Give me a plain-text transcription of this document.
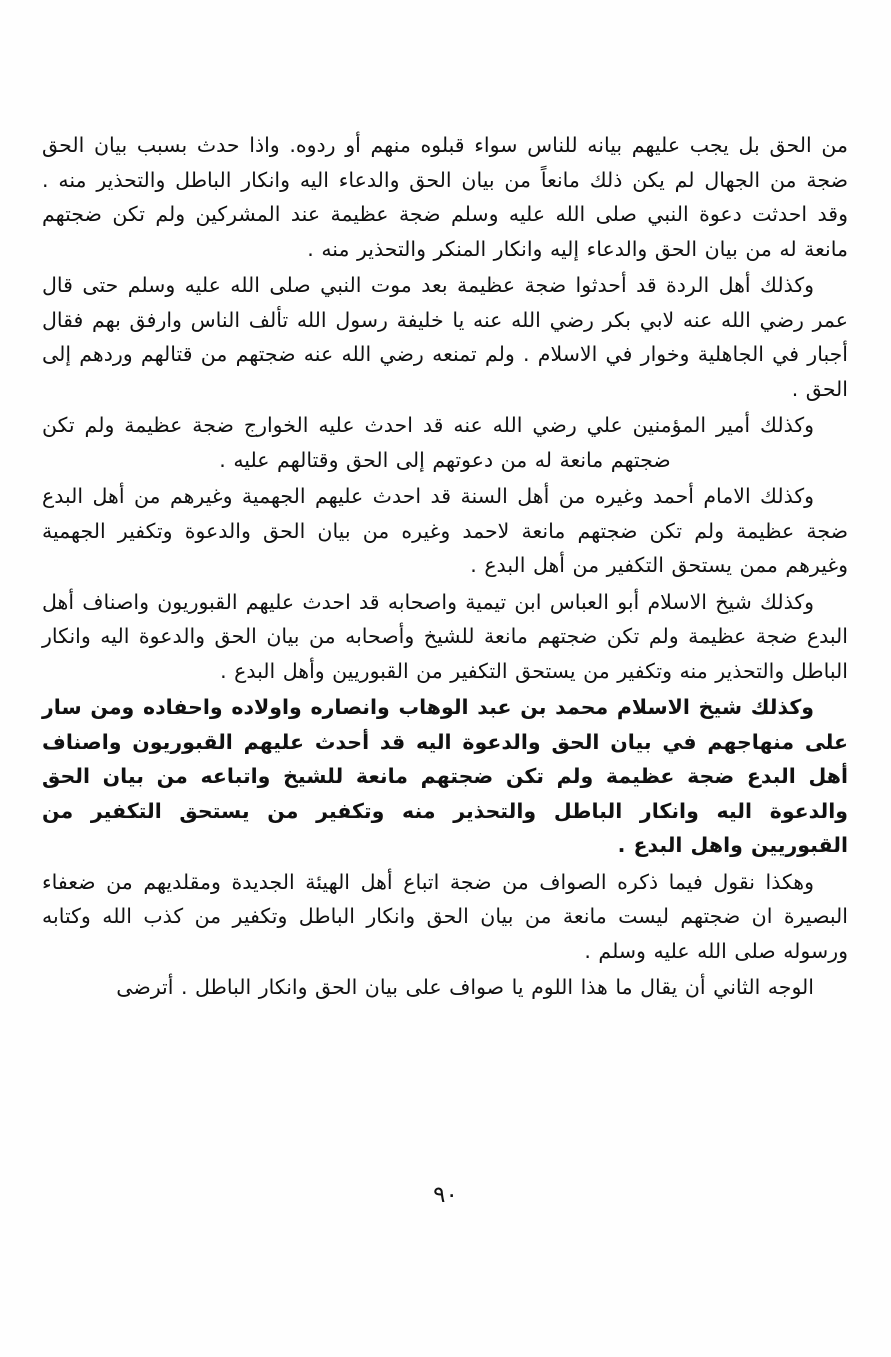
من الحق بل يجب عليهم بيانه للناس سواء قبلوه منهم أو ردوه. واذا حدث بسبب بيان الحق ضجة من الجهال لم يكن ذلك مانعاً من بيان الحق والدعاء اليه وانكار الباطل والتحذير منه . وقد احدثت دعوة النبي صلى الله عليه وسلم ضجة عظيمة عند المشركين ولم تكن ضجتهم مانعة له من بيان الحق والدعاء إليه وانكار المنكر والتحذير منه .

وكذلك أهل الردة قد أحدثوا ضجة عظيمة بعد موت النبي صلى الله عليه وسلم حتى قال عمر رضي الله عنه لابي بكر رضي الله عنه يا خليفة رسول الله تألف الناس وارفق بهم فقال أجبار في الجاهلية وخوار في الاسلام . ولم تمنعه رضي الله عنه ضجتهم من قتالهم وردهم إلى الحق .

وكذلك أمير المؤمنين علي رضي الله عنه قد احدث عليه الخوارج ضجة عظيمة ولم تكن ضجتهم مانعة له من دعوتهم إلى الحق وقتالهم عليه .

وكذلك الامام أحمد وغيره من أهل السنة قد احدث عليهم الجهمية وغيرهم من أهل البدع ضجة عظيمة ولم تكن ضجتهم مانعة لاحمد وغيره من بيان الحق والدعوة وتكفير الجهمية وغيرهم ممن يستحق التكفير من أهل البدع .

وكذلك شيخ الاسلام أبو العباس ابن تيمية واصحابه قد احدث عليهم القبوريون واصناف أهل البدع ضجة عظيمة ولم تكن ضجتهم مانعة للشيخ وأصحابه من بيان الحق والدعوة اليه وانكار الباطل والتحذير منه وتكفير من يستحق التكفير من القبوريين وأهل البدع .

وكذلك شيخ الاسلام محمد بن عبد الوهاب وانصاره واولاده واحفاده ومن سار على منهاجهم في بيان الحق والدعوة اليه قد أحدث عليهم القبوريون واصناف أهل البدع ضجة عظيمة ولم تكن ضجتهم مانعة للشيخ واتباعه من بيان الحق والدعوة اليه وانكار الباطل والتحذير منه وتكفير من يستحق التكفير من القبوريين واهل البدع .

وهكذا نقول فيما ذكره الصواف من ضجة اتباع أهل الهيئة الجديدة ومقلديهم من ضعفاء البصيرة ان ضجتهم ليست مانعة من بيان الحق وانكار الباطل وتكفير من كذب الله وكتابه ورسوله صلى الله عليه وسلم .

الوجه الثاني أن يقال ما هذا اللوم يا صواف على بيان الحق وانكار الباطل . أترضى

٩٠
